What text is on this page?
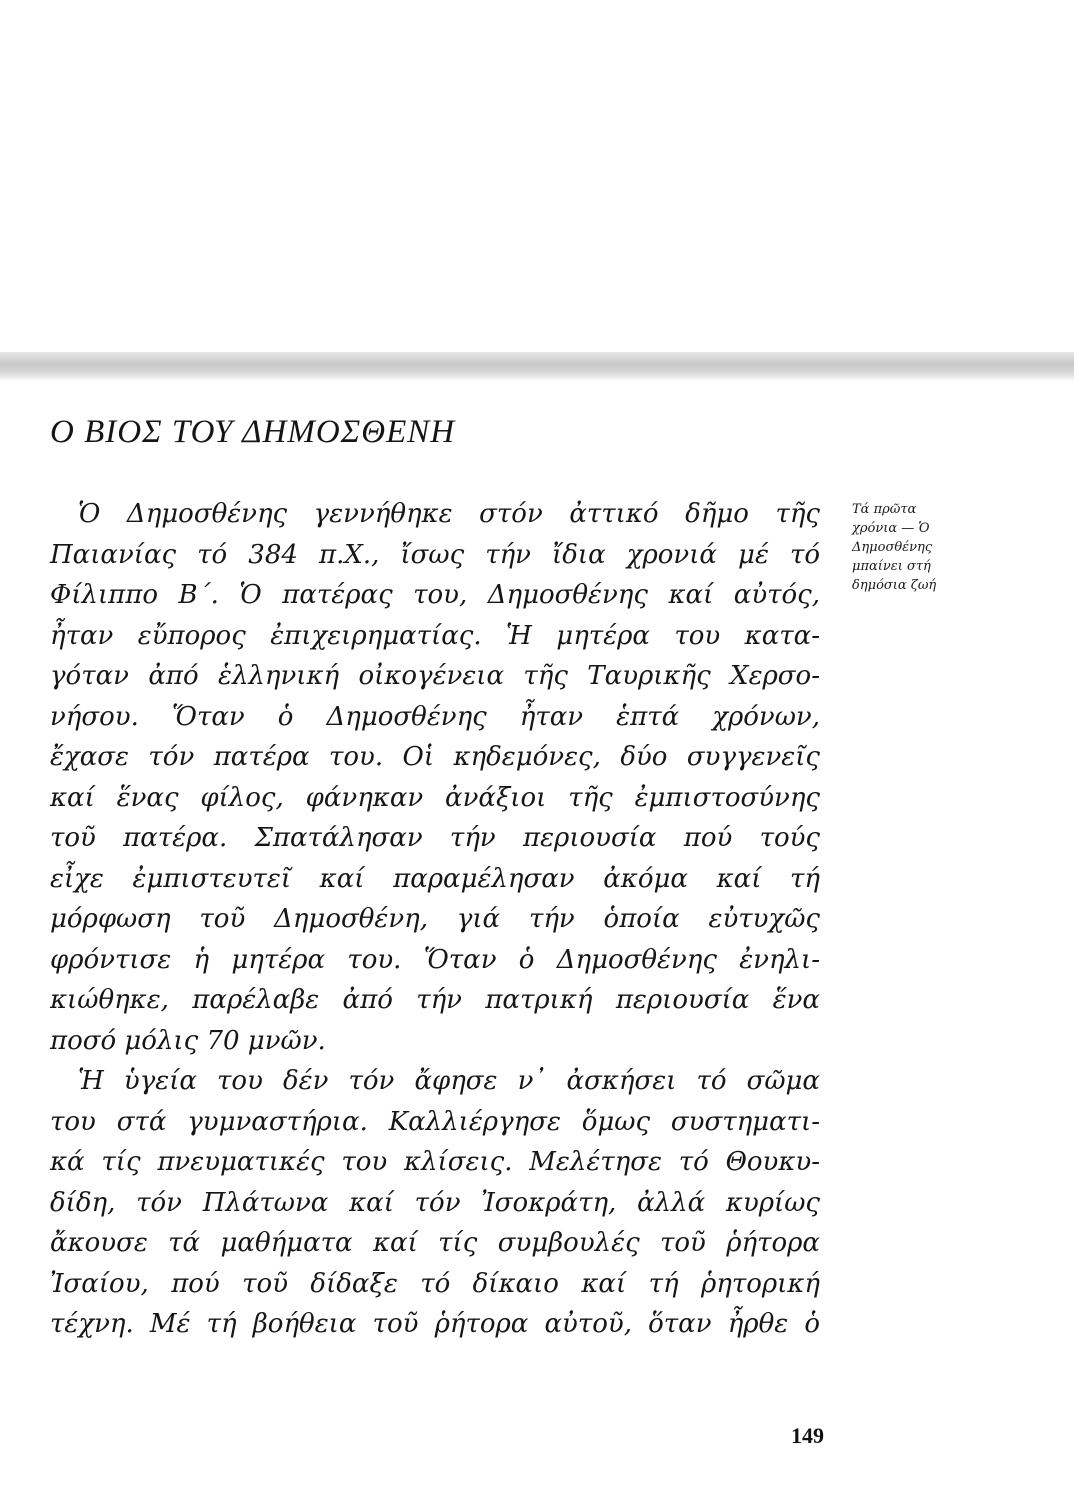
Ο ΒΙΟΣ ΤΟΥ ΔΗΜΟΣΘΕΝΗ
Ὁ Δημοσθένης γεννήθηκε στόν ἀττικό δῆμο τῆς
Παιανίας τό 384 π.Χ., ἴσως τήν ἴδια χρονιά μέ τό
Φίλιππο Β΄. Ὁ πατέρας του, Δημοσθένης καί αὐτός,
ἦταν εὔπορος ἐπιχειρηματίας. Ἡ μητέρα του κατα-
γόταν ἀπό ἑλληνική οἰκογένεια τῆς Ταυρικῆς Χερσο-
νήσου. Ὅταν ὁ Δημοσθένης ἦταν ἑπτά χρόνων,
ἔχασε τόν πατέρα του. Οἱ κηδεμόνες, δύο συγγενεῖς
καί ἕνας φίλος, φάνηκαν ἀνάξιοι τῆς ἐμπιστοσύνης
τοῦ πατέρα. Σπατάλησαν τήν περιουσία πού τούς
εἶχε ἐμπιστευτεῖ καί παραμέλησαν ἀκόμα καί τή
μόρφωση τοῦ Δημοσθένη, γιά τήν ὁποία εὐτυχῶς
φρόντισε ἡ μητέρα του. Ὅταν ὁ Δημοσθένης ἐνηλι-
κιώθηκε, παρέλαβε ἀπό τήν πατρική περιουσία ἕνα
ποσό μόλις 70 μνῶν.
Ἡ ὑγεία του δέν τόν ἄφησε ν᾿ ἀσκήσει τό σῶμα
του στά γυμναστήρια. Καλλιέργησε ὅμως συστηματι-
κά τίς πνευματικές του κλίσεις. Μελέτησε τό Θουκυ-
δίδη, τόν Πλάτωνα καί τόν Ἰσοκράτη, ἀλλά κυρίως
ἄκουσε τά μαθήματα καί τίς συμβουλές τοῦ ῥήτορα
Ἰσαίου, πού τοῦ δίδαξε τό δίκαιο καί τή ῥητορική
τέχνη. Μέ τή βοήθεια τοῦ ῥήτορα αὐτοῦ, ὅταν ἦρθε ὁ
Τά πρῶτα
χρόνια — Ὁ
Δημοσθένης
μπαίνει στή
δημόσια ζωή
149
